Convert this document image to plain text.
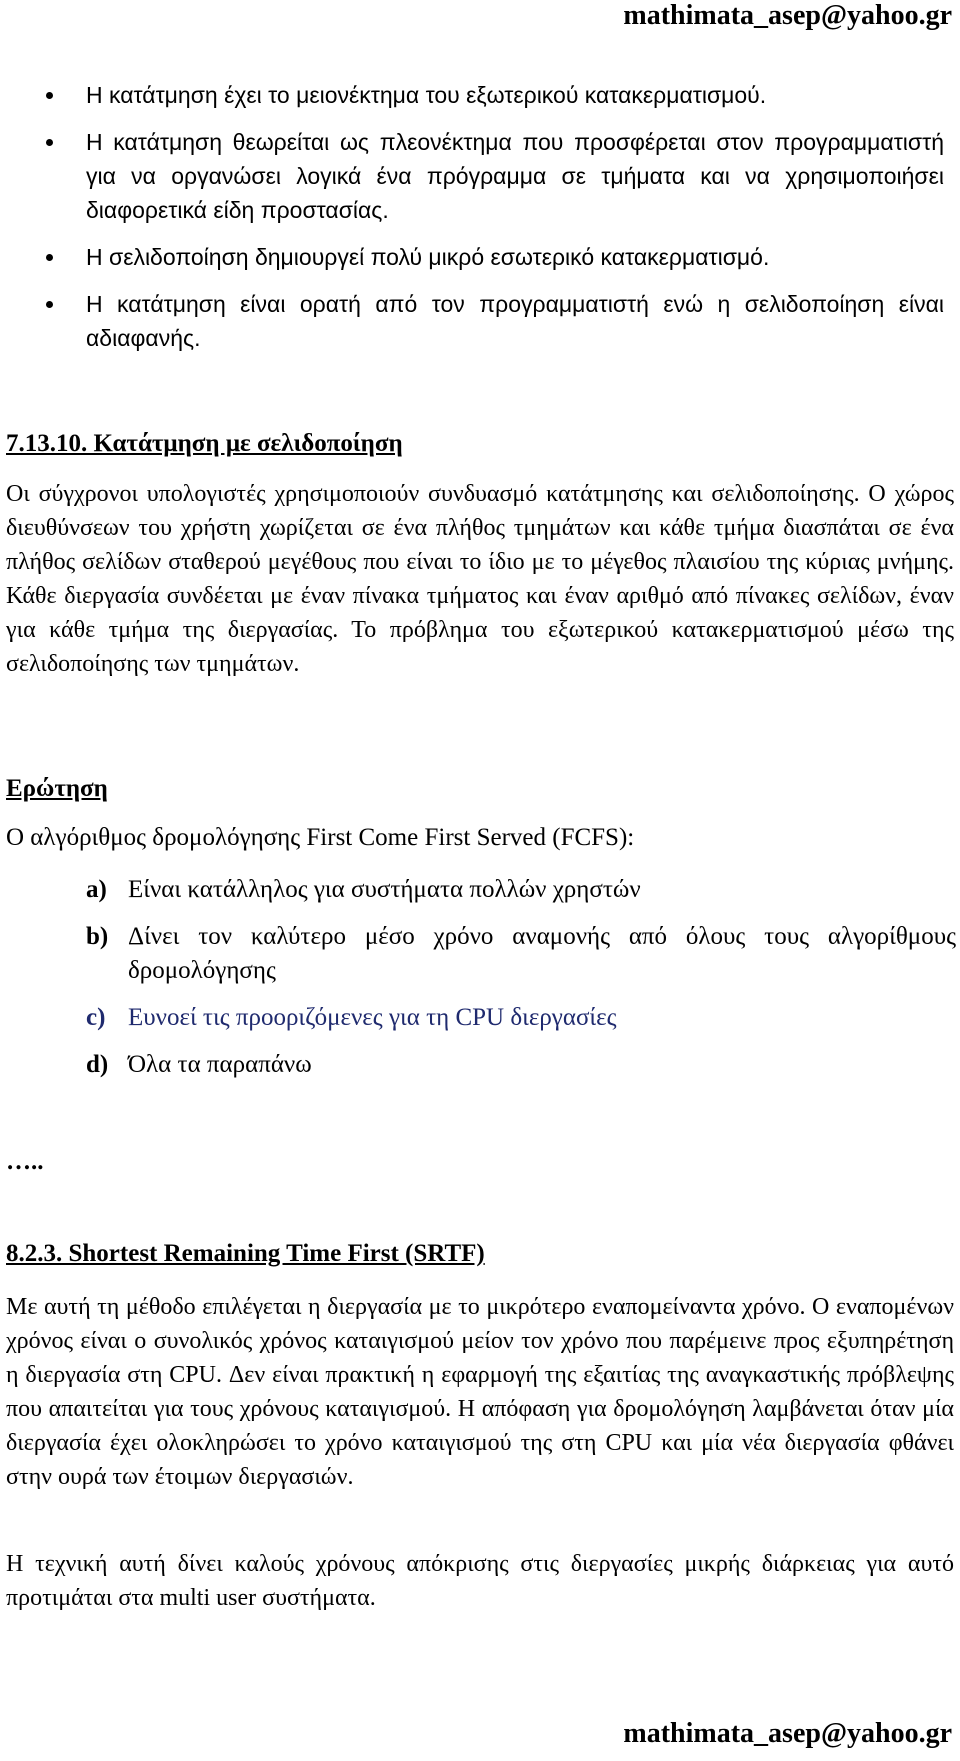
mathimata_asep@yahoo.gr
Η κατάτμηση έχει το μειονέκτημα του εξωτερικού κατακερματισμού.
Η κατάτμηση θεωρείται ως πλεονέκτημα που προσφέρεται στον προγραμματιστή για να οργανώσει λογικά ένα πρόγραμμα σε τμήματα και να χρησιμοποιήσει διαφορετικά είδη προστασίας.
Η σελιδοποίηση δημιουργεί πολύ μικρό εσωτερικό κατακερματισμό.
Η κατάτμηση είναι ορατή από τον προγραμματιστή ενώ η σελιδοποίηση είναι αδιαφανής.
7.13.10. Κατάτμηση με σελιδοποίηση

Οι σύγχρονοι υπολογιστές χρησιμοποιούν συνδυασμό κατάτμησης και σελιδοποίησης. Ο χώρος διευθύνσεων του χρήστη χωρίζεται σε ένα πλήθος τμημάτων και κάθε τμήμα διασπάται σε ένα πλήθος σελίδων σταθερού μεγέθους που είναι το ίδιο με το μέγεθος πλαισίου της κύριας μνήμης. Κάθε διεργασία συνδέεται με έναν πίνακα τμήματος και έναν αριθμό από πίνακες σελίδων, έναν για κάθε τμήμα της διεργασίας. Το πρόβλημα του εξωτερικού κατακερματισμού μέσω της σελιδοποίησης των τμημάτων.

Ερώτηση

Ο αλγόριθμος δρομολόγησης First Come First Served (FCFS):

a) Είναι κατάλληλος για συστήματα πολλών χρηστών
b) Δίνει τον καλύτερο μέσο χρόνο αναμονής από όλους τους αλγορίθμους δρομολόγησης
c) Ευνοεί τις προοριζόμενες για τη CPU διεργασίες
d) Όλα τα παραπάνω

…..

8.2.3. Shortest Remaining Time First (SRTF)

Με αυτή τη μέθοδο επιλέγεται η διεργασία με το μικρότερο εναπομείναντα χρόνο. Ο εναπομένων χρόνος είναι ο συνολικός χρόνος καταιγισμού μείον τον χρόνο που παρέμεινε προς εξυπηρέτηση η διεργασία στη CPU. Δεν είναι πρακτική η εφαρμογή της εξαιτίας της αναγκαστικής πρόβλεψης που απαιτείται για τους χρόνους καταιγισμού. Η απόφαση για δρομολόγηση λαμβάνεται όταν μία διεργασία έχει ολοκληρώσει το χρόνο καταιγισμού της στη CPU και μία νέα διεργασία φθάνει στην ουρά των έτοιμων διεργασιών.

Η τεχνική αυτή δίνει καλούς χρόνους απόκρισης στις διεργασίες μικρής διάρκειας για αυτό προτιμάται στα multi user συστήματα.

mathimata_asep@yahoo.gr
